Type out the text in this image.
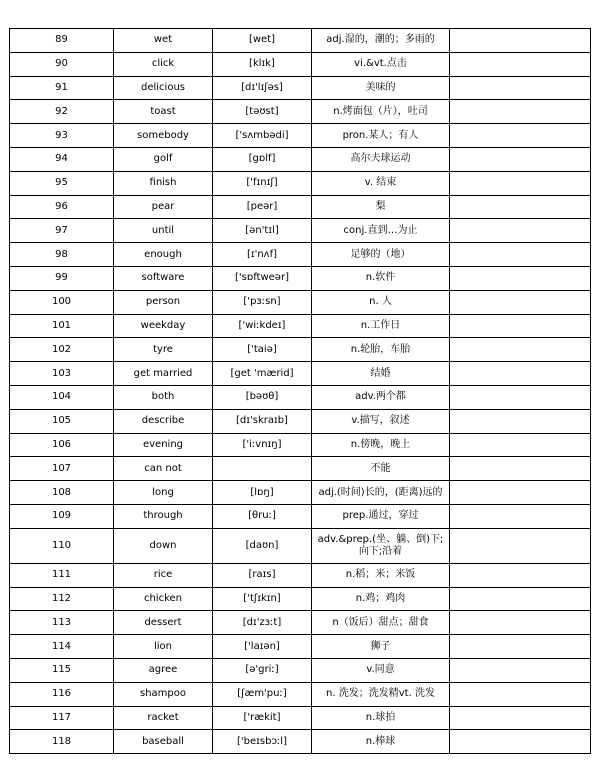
89	wet	[wet]	adj.湿的，潮的；多雨的	
90	click	[klɪk]	vi.&vt.点击	
91	delicious	[dɪ'lɪʃəs]	美味的	
92	toast	[təʊst]	n.烤面包（片），吐司	
93	somebody	['sʌmbədi]	pron.某人；有人	
94	golf	[gɒlf]	高尔夫球运动	
95	finish	['fɪnɪʃ]	v. 结束	
96	pear	[peər]	梨	
97	until	[ən'tɪl]	conj.直到…为止	
98	enough	[ɪ'nʌf]	足够的（地）	
99	software	['sɒftweər]	n.软件	
100	person	['pɜːsn]	n. 人	
101	weekday	['wiːkdeɪ]	n.工作日	
102	tyre	['taiə]	n.轮胎，车胎	
103	get married	[get 'mærid]	结婚	
104	both	[bəʊθ]	adv.两个都	
105	describe	[dɪ'skraɪb]	v.描写，叙述	
106	evening	['iːvnɪŋ]	n.傍晚，晚上	
107	can not		不能	
108	long	[lɒŋ]	adj.(时间)长的，(距离)远的	
109	through	[θruː]	prep.通过，穿过	
110	down	[daʊn]	adv.&prep.(坐、躺、倒)下;向下;沿着	
111	rice	[raɪs]	n.稻；米；米饭	
112	chicken	['tʃɪkɪn]	n.鸡；鸡肉	
113	dessert	[dɪ'zɜːt]	n（饭后）甜点；甜食	
114	lion	['laɪən]	狮子	
115	agree	[ə'griː]	v.同意	
116	shampoo	[ʃæm'puː]	n. 洗发；洗发精vt. 洗发	
117	racket	['rækit]	n.球拍	
118	baseball	['beɪsbɔːl]	n.棒球	
